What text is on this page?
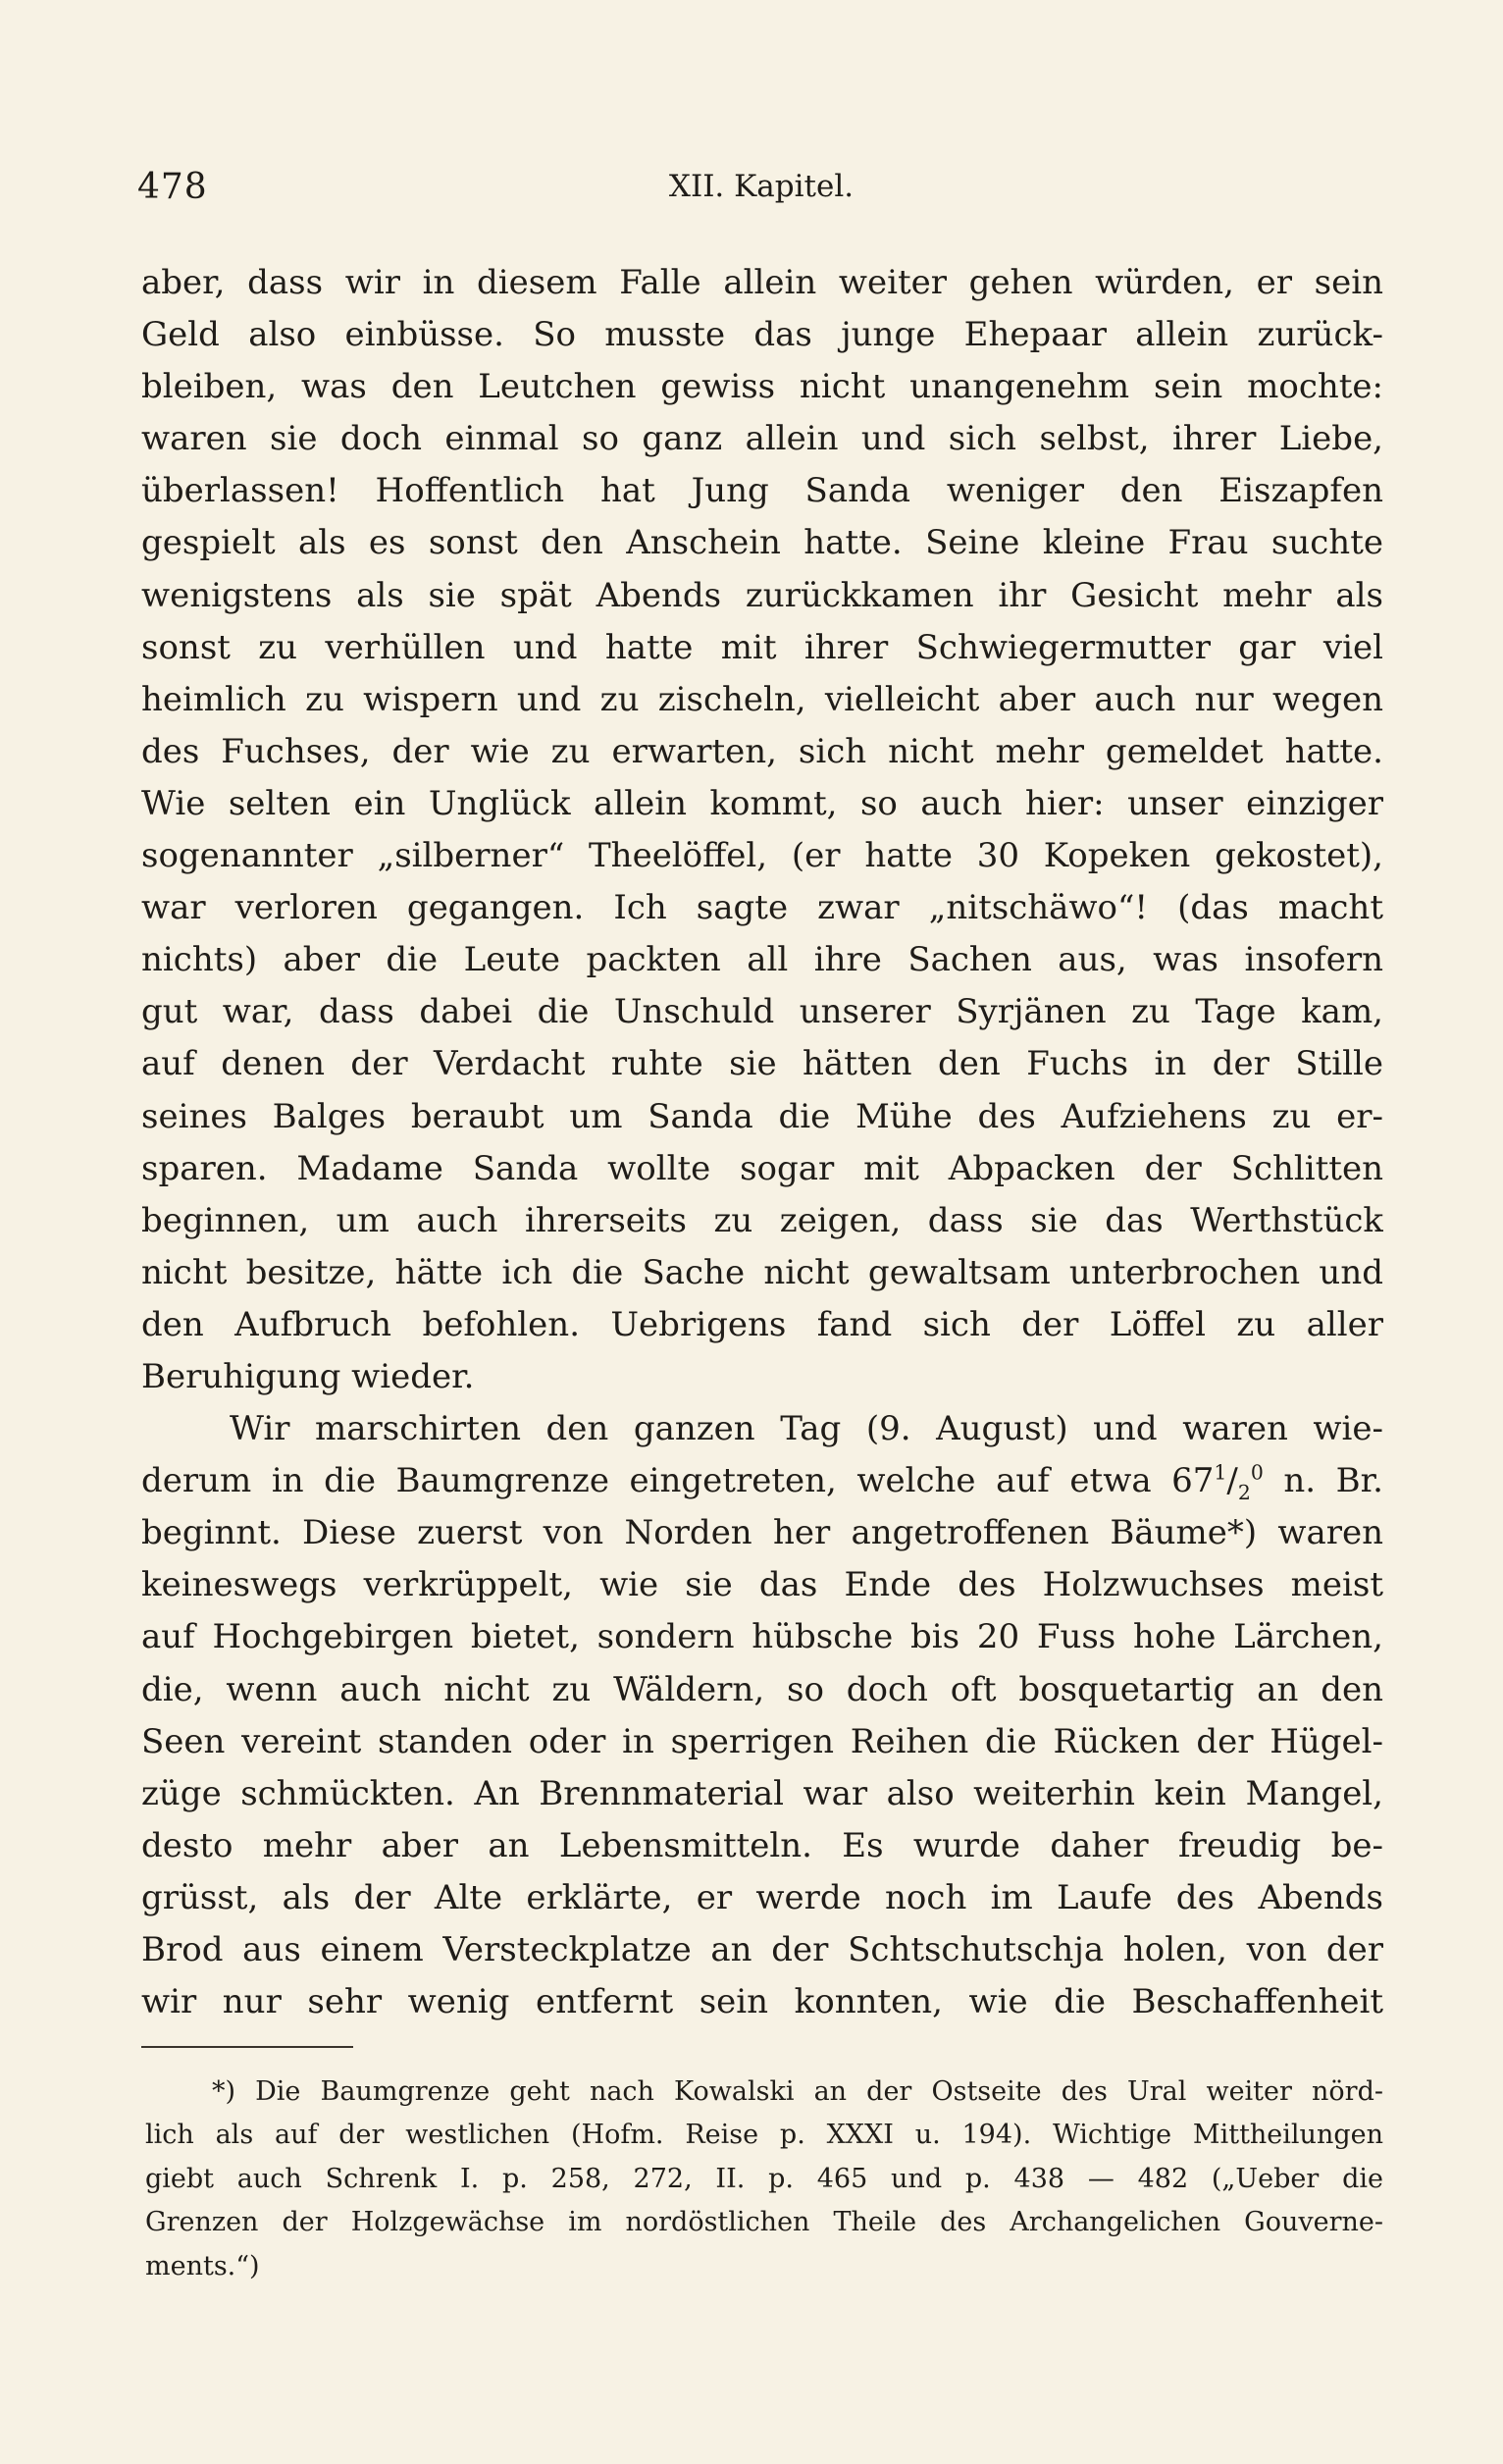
478	XII. Kapitel.
aber, dass wir in diesem Falle allein weiter gehen würden, er sein
Geld also einbüsse. So musste das junge Ehepaar allein zurück-
bleiben, was den Leutchen gewiss nicht unangenehm sein mochte:
waren sie doch einmal so ganz allein und sich selbst, ihrer Liebe,
überlassen! Hoffentlich hat Jung Sanda weniger den Eiszapfen
gespielt als es sonst den Anschein hatte. Seine kleine Frau suchte
wenigstens als sie spät Abends zurückkamen ihr Gesicht mehr als
sonst zu verhüllen und hatte mit ihrer Schwiegermutter gar viel
heimlich zu wispern und zu zischeln, vielleicht aber auch nur wegen
des Fuchses, der wie zu erwarten, sich nicht mehr gemeldet hatte.
Wie selten ein Unglück allein kommt, so auch hier: unser einziger
sogenannter „silberner“ Theelöffel, (er hatte 30 Kopeken gekostet),
war verloren gegangen. Ich sagte zwar „nitschäwo“! (das macht
nichts) aber die Leute packten all ihre Sachen aus, was insofern
gut war, dass dabei die Unschuld unserer Syrjänen zu Tage kam,
auf denen der Verdacht ruhte sie hätten den Fuchs in der Stille
seines Balges beraubt um Sanda die Mühe des Aufziehens zu er-
sparen. Madame Sanda wollte sogar mit Abpacken der Schlitten
beginnen, um auch ihrerseits zu zeigen, dass sie das Werthstück
nicht besitze, hätte ich die Sache nicht gewaltsam unterbrochen und
den Aufbruch befohlen. Uebrigens fand sich der Löffel zu aller
Beruhigung wieder.
Wir marschirten den ganzen Tag (9. August) und waren wie-
derum in die Baumgrenze eingetreten, welche auf etwa $67^1/_2^0$ n. Br.
beginnt. Diese zuerst von Norden her angetroffenen Bäume*) waren
keineswegs verkrüppelt, wie sie das Ende des Holzwuchses meist
auf Hochgebirgen bietet, sondern hübsche bis 20 Fuss hohe Lärchen,
die, wenn auch nicht zu Wäldern, so doch oft bosquetartig an den
Seen vereint standen oder in sperrigen Reihen die Rücken der Hügel-
züge schmückten. An Brennmaterial war also weiterhin kein Mangel,
desto mehr aber an Lebensmitteln. Es wurde daher freudig be-
grüsst, als der Alte erklärte, er werde noch im Laufe des Abends
Brod aus einem Versteckplatze an der Schtschutschja holen, von der
wir nur sehr wenig entfernt sein konnten, wie die Beschaffenheit
*) Die Baumgrenze geht nach Kowalski an der Ostseite des Ural weiter nörd-
lich als auf der westlichen (Hofm. Reise p. XXXI u. 194). Wichtige Mittheilungen
giebt auch Schrenk I. p. 258, 272, II. p. 465 und p. 438 — 482 („Ueber die
Grenzen der Holzgewächse im nordöstlichen Theile des Archangelichen Gouverne-
ments.“)
